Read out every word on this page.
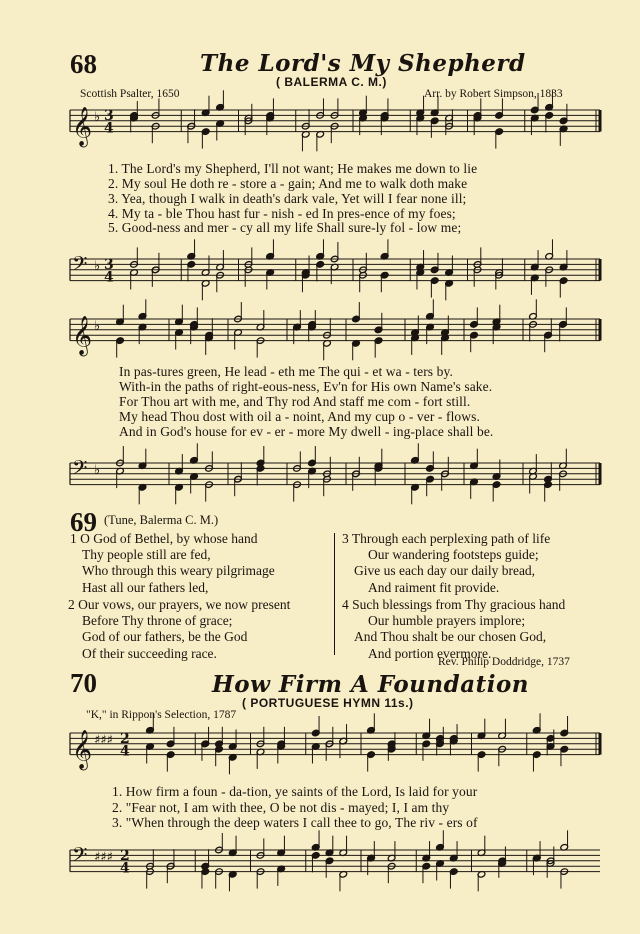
68	The Lord's My Shepherd
( BALERMA C. M.)
Scottish Psalter, 1650	Arr. by Robert Simpson, 1833
𝄞 ♭ 3
4
1. The Lord's my Shepherd, I'll not want; He makes me down to lie
2. My soul He doth re - store a - gain; And me to walk doth make
3. Yea, though I walk in death's dark vale, Yet will I fear none ill;
4. My ta - ble Thou hast fur - nish - ed In pres-ence of my foes;
5. Good-ness and mer - cy all my life Shall sure-ly fol - low me;
𝄢 ♭ 3
4
𝄞 ♭
In pas-tures green, He lead - eth me The qui - et wa - ters by.
With-in the paths of right-eous-ness, Ev'n for His own Name's sake.
For Thou art with me, and Thy rod And staff me com - fort still.
My head Thou dost with oil a - noint, And my cup o - ver - flows.
And in God's house for ev - er - more My dwell - ing-place shall be.
𝄢 ♭
69 (Tune, Balerma C. M.)
1 O God of Bethel, by whose hand
Thy people still are fed,
Who through this weary pilgrimage
Hast all our fathers led,
2 Our vows, our prayers, we now present
Before Thy throne of grace;
God of our fathers, be the God
Of their succeeding race.
3 Through each perplexing path of life
Our wandering footsteps guide;
Give us each day our daily bread,
And raiment fit provide.
4 Such blessings from Thy gracious hand
Our humble prayers implore;
And Thou shalt be our chosen God,
And portion evermore.
Rev. Philip Doddridge, 1737
70	How Firm A Foundation
( PORTUGUESE HYMN 11s.)
"K," in Rippon's Selection, 1787
𝄞 ♯♯♯ 2
4
1. How firm a foun - da-tion, ye saints of the Lord, Is laid for your
2. "Fear not, I am with thee, O be not dis - mayed; I, I am thy
3. "When through the deep waters I call thee to go, The riv - ers of
𝄢 ♯♯♯ 2
4
